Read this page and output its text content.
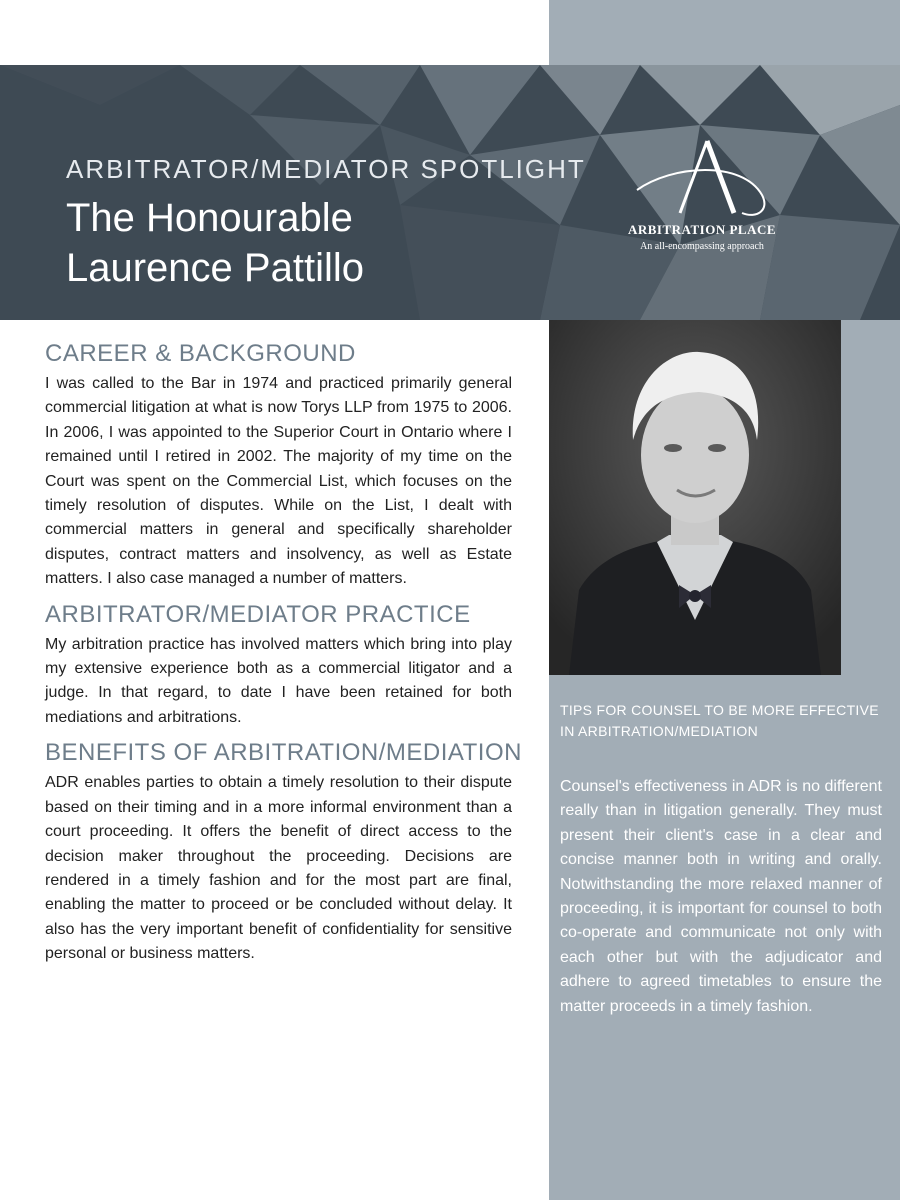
ARBITRATOR/MEDIATOR SPOTLIGHT
The Honourable
Laurence Pattillo
ARBITRATION PLACE
An all-encompassing approach
CAREER & BACKGROUND

I was called to the Bar in 1974 and practiced primarily general commercial litigation at what is now Torys LLP from 1975 to 2006. In 2006, I was appointed to the Superior Court in Ontario where I remained until I retired in 2002. The majority of my time on the Court was spent on the Commercial List, which focuses on the timely resolution of disputes. While on the List, I dealt with commercial matters in general and specifically shareholder disputes, contract matters and insolvency, as well as Estate matters. I also case managed a number of matters.

ARBITRATOR/MEDIATOR PRACTICE

My arbitration practice has involved matters which bring into play my extensive experience both as a commercial litigator and a judge. In that regard, to date I have been retained for both mediations and arbitrations.

BENEFITS OF ARBITRATION/MEDIATION

ADR enables parties to obtain a timely resolution to their dispute based on their timing and in a more informal environment than a court proceeding. It offers the benefit of direct access to the decision maker throughout the proceeding. Decisions are rendered in a timely fashion and for the most part are final, enabling the matter to proceed or be concluded without delay. It also has the very important benefit of confidentiality for sensitive personal or business matters.

TIPS FOR COUNSEL TO BE MORE EFFECTIVE IN ARBITRATION/MEDIATION

Counsel's effectiveness in ADR is no different really than in litigation generally. They must present their client's case in a clear and concise manner both in writing and orally. Notwithstanding the more relaxed manner of proceeding, it is important for counsel to both co-operate and communicate not only with each other but with the adjudicator and adhere to agreed timetables to ensure the matter proceeds in a timely fashion.
